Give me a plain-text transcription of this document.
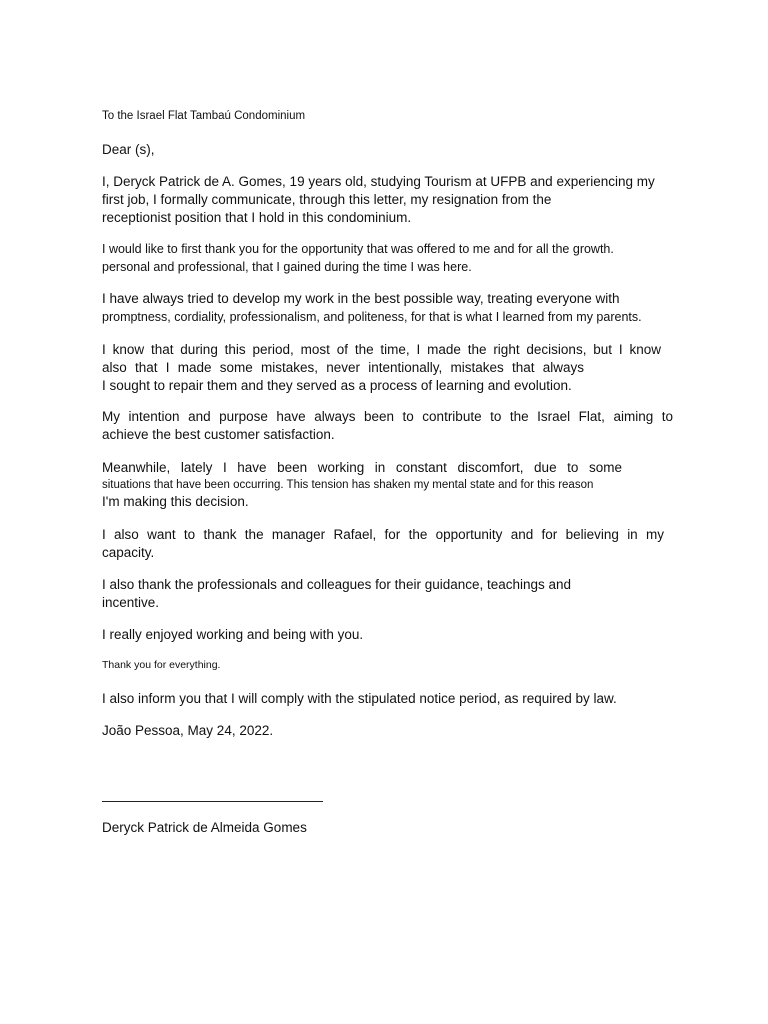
To the Israel Flat Tambaú Condominium

Dear (s),

I, Deryck Patrick de A. Gomes, 19 years old, studying Tourism at UFPB and experiencing my
first job, I formally communicate, through this letter, my resignation from the
receptionist position that I hold in this condominium.

I would like to first thank you for the opportunity that was offered to me and for all the growth.
personal and professional, that I gained during the time I was here.

I have always tried to develop my work in the best possible way, treating everyone with
promptness, cordiality, professionalism, and politeness, for that is what I learned from my parents.

I know that during this period, most of the time, I made the right decisions, but I know
also that I made some mistakes, never intentionally, mistakes that always
I sought to repair them and they served as a process of learning and evolution.

My intention and purpose have always been to contribute to the Israel Flat, aiming to
achieve the best customer satisfaction.

Meanwhile, lately I have been working in constant discomfort, due to some
situations that have been occurring. This tension has shaken my mental state and for this reason
I'm making this decision.

I also want to thank the manager Rafael, for the opportunity and for believing in my
capacity.

I also thank the professionals and colleagues for their guidance, teachings and
incentive.

I really enjoyed working and being with you.

Thank you for everything.

I also inform you that I will comply with the stipulated notice period, as required by law.

João Pessoa, May 24, 2022.

Deryck Patrick de Almeida Gomes
